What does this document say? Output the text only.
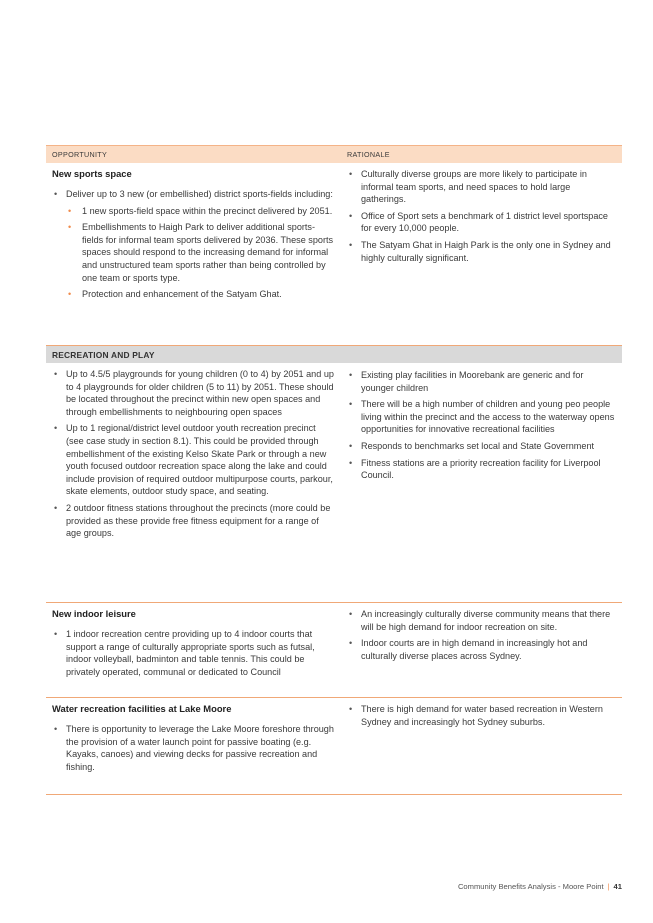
OPPORTUNITY	RATIONALE
New sports space
• Deliver up to 3 new (or embellished) district sports-fields including:
• 1 new sports-field space within the precinct delivered by 2051.
• Embellishments to Haigh Park to deliver additional sports-fields for informal team sports delivered by 2036. These sports spaces should respond to the increasing demand for informal and unstructured team sports rather than being controlled by one team or sports type.
• Protection and enhancement of the Satyam Ghat.
• Culturally diverse groups are more likely to participate in informal team sports, and need spaces to hold large gatherings.
• Office of Sport sets a benchmark of 1 district level sportspace for every 10,000 people.
• The Satyam Ghat in Haigh Park is the only one in Sydney and highly culturally significant.
RECREATION AND PLAY
• Up to 4.5/5 playgrounds for young children (0 to 4) by 2051 and up to 4 playgrounds for older children (5 to 11) by 2051. These should be located throughout the precinct within new open spaces and through embellishments to neighbouring open spaces
• Up to 1 regional/district level outdoor youth recreation precinct (see case study in section 8.1). This could be provided through embellishment of the existing Kelso Skate Park or through a new youth focused outdoor recreation space along the lake and could include provision of required outdoor multipurpose courts, parkour, skate elements, outdoor study space, and seating.
• 2 outdoor fitness stations throughout the precincts (more could be provided as these provide free fitness equipment for a range of age groups.
• Existing play facilities in Moorebank are generic and for younger children
• There will be a high number of children and young peo people living within the precinct and the access to the waterway opens opportunities for innovative recreational facilities
• Responds to benchmarks set local and State Government
• Fitness stations are a priority recreation facility for Liverpool Council.
New indoor leisure
• 1 indoor recreation centre providing up to 4 indoor courts that support a range of culturally appropriate sports such as futsal, indoor volleyball, badminton and table tennis. This could be privately operated, communal or dedicated to Council
• An increasingly culturally diverse community means that there will be high demand for indoor recreation on site.
• Indoor courts are in high demand in increasingly hot and culturally diverse places across Sydney.
Water recreation facilities at Lake Moore
• There is opportunity to leverage the Lake Moore foreshore through the provision of a water launch point for passive boating (e.g. Kayaks, canoes) and viewing decks for passive recreation and fishing.
• There is high demand for water based recreation in Western Sydney and increasingly hot Sydney suburbs.
Community Benefits Analysis - Moore Point | 41
